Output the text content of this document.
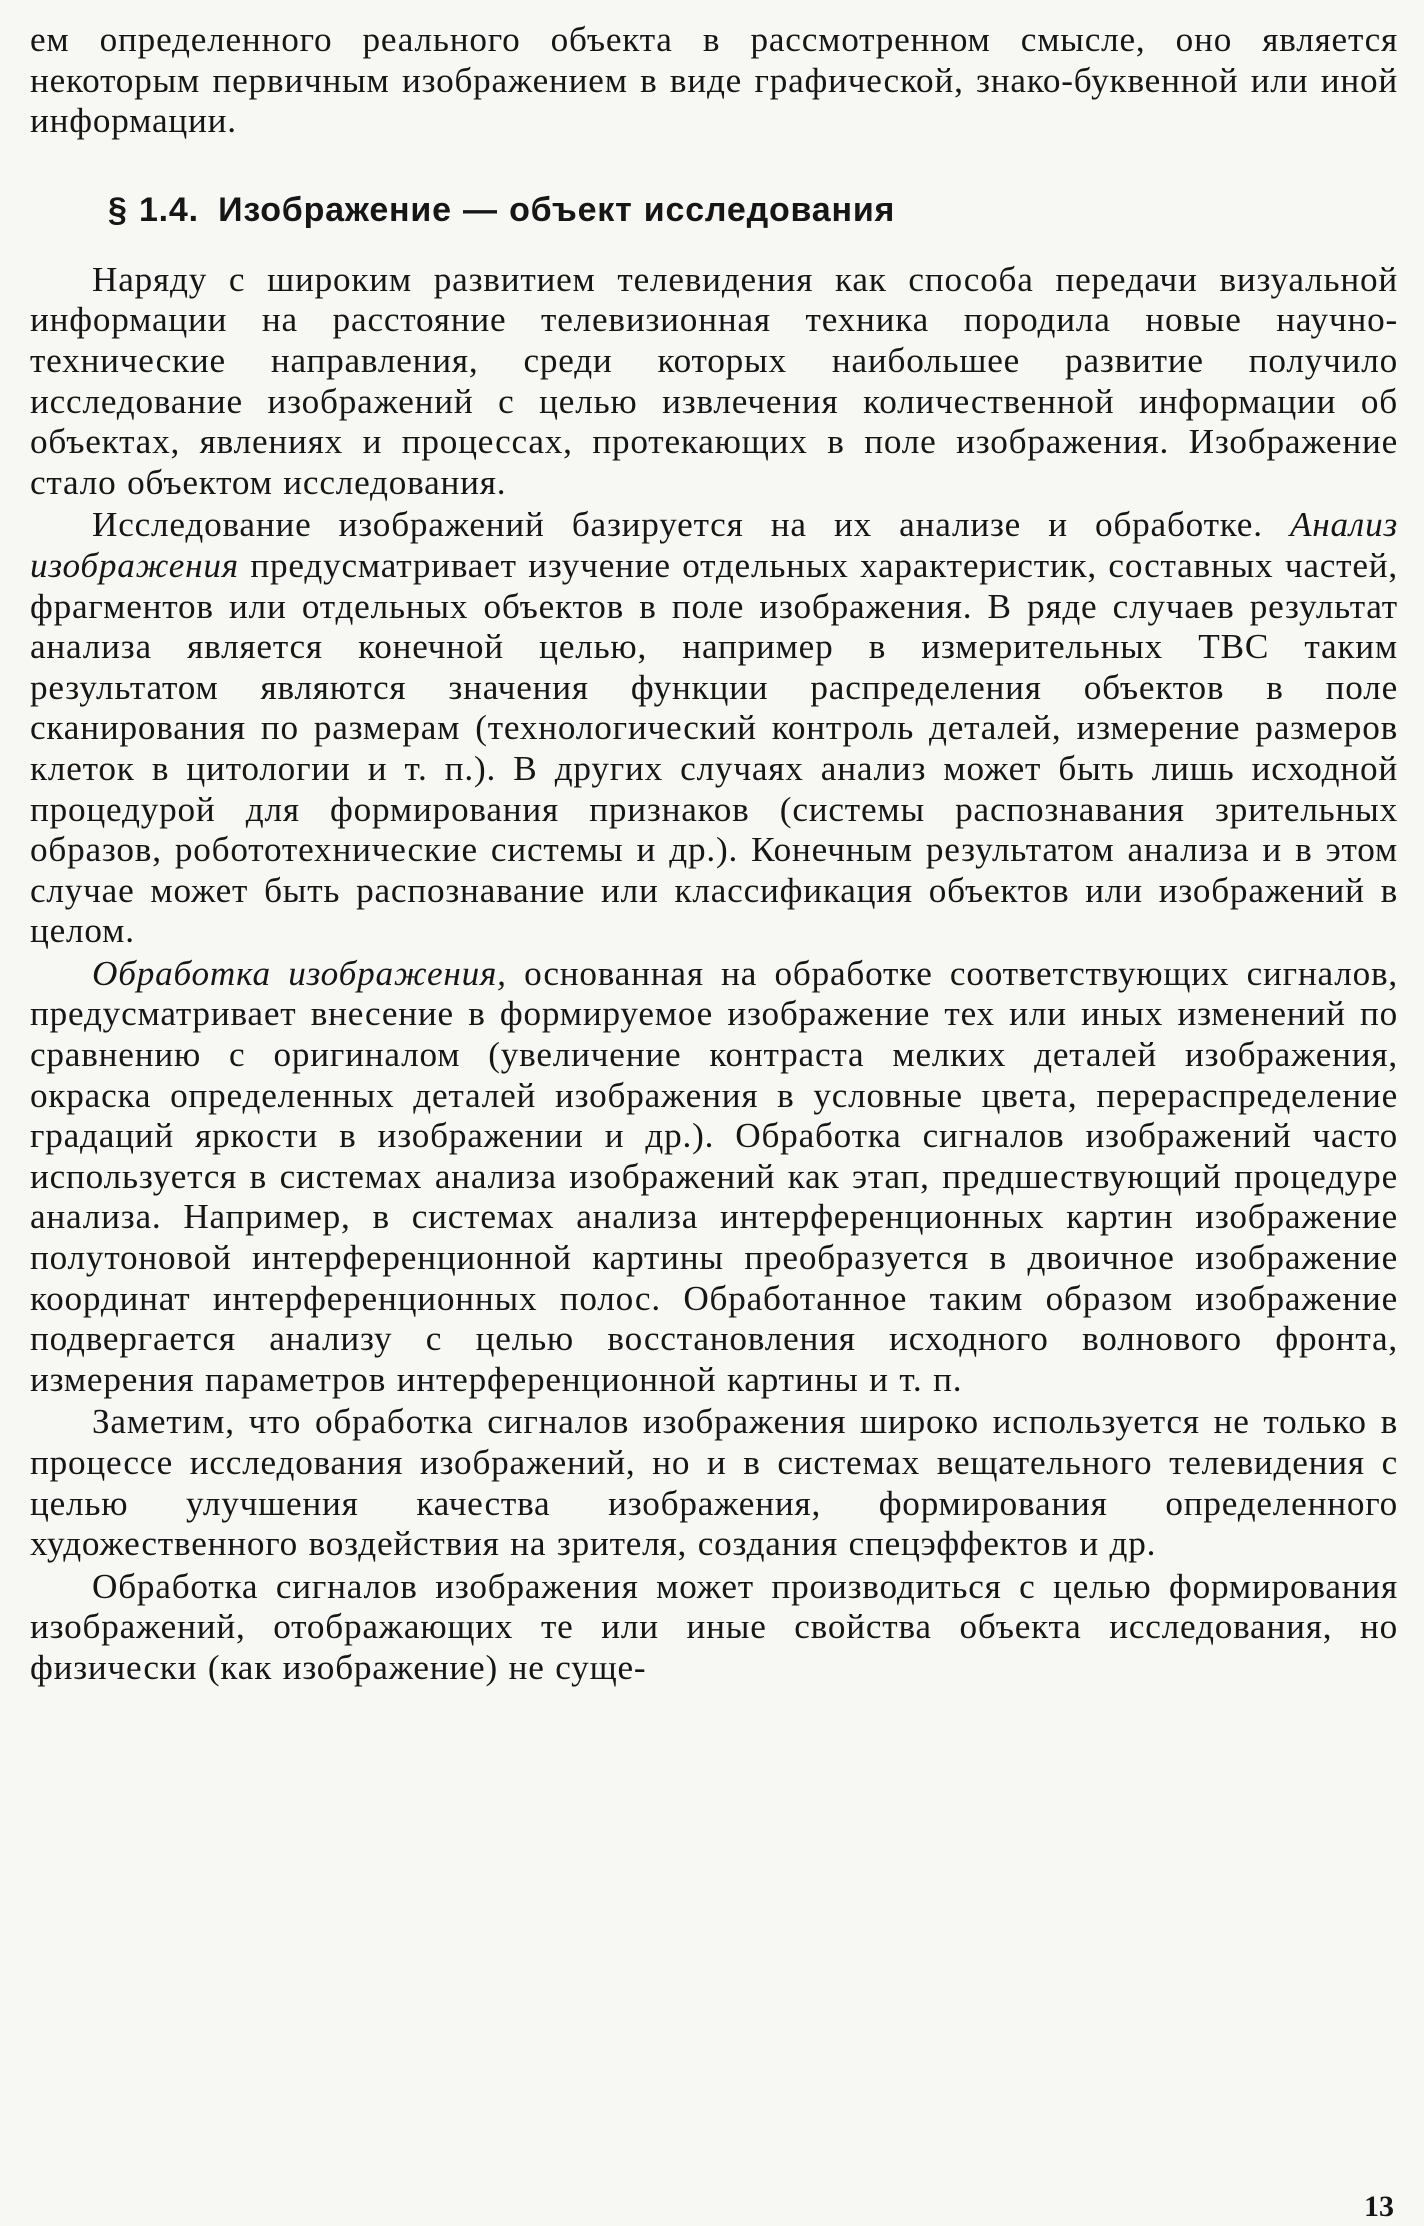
ем определенного реального объекта в рассмотренном смысле, оно является некоторым первичным изображением в виде графической, знако-буквенной или иной информации.

§ 1.4. Изображение — объект исследования

Наряду с широким развитием телевидения как способа передачи визуальной информации на расстояние телевизионная техника породила новые научно-технические направления, среди которых наибольшее развитие получило исследование изображений с целью извлечения количественной информации об объектах, явлениях и процессах, протекающих в поле изображения. Изображение стало объектом исследования.

Исследование изображений базируется на их анализе и обработке. Анализ изображения предусматривает изучение отдельных характеристик, составных частей, фрагментов или отдельных объектов в поле изображения. В ряде случаев результат анализа является конечной целью, например в измерительных ТВС таким результатом являются значения функции распределения объектов в поле сканирования по размерам (технологический контроль деталей, измерение размеров клеток в цитологии и т. п.). В других случаях анализ может быть лишь исходной процедурой для формирования признаков (системы распознавания зрительных образов, робототехнические системы и др.). Конечным результатом анализа и в этом случае может быть распознавание или классификация объектов или изображений в целом.

Обработка изображения, основанная на обработке соответствующих сигналов, предусматривает внесение в формируемое изображение тех или иных изменений по сравнению с оригиналом (увеличение контраста мелких деталей изображения, окраска определенных деталей изображения в условные цвета, перераспределение градаций яркости в изображении и др.). Обработка сигналов изображений часто используется в системах анализа изображений как этап, предшествующий процедуре анализа. Например, в системах анализа интерференционных картин изображение полутоновой интерференционной картины преобразуется в двоичное изображение координат интерференционных полос. Обработанное таким образом изображение подвергается анализу с целью восстановления исходного волнового фронта, измерения параметров интерференционной картины и т. п.

Заметим, что обработка сигналов изображения широко используется не только в процессе исследования изображений, но и в системах вещательного телевидения с целью улучшения качества изображения, формирования определенного художественного воздействия на зрителя, создания спецэффектов и др.

Обработка сигналов изображения может производиться с целью формирования изображений, отображающих те или иные свойства объекта исследования, но физически (как изображение) не суще-

13
